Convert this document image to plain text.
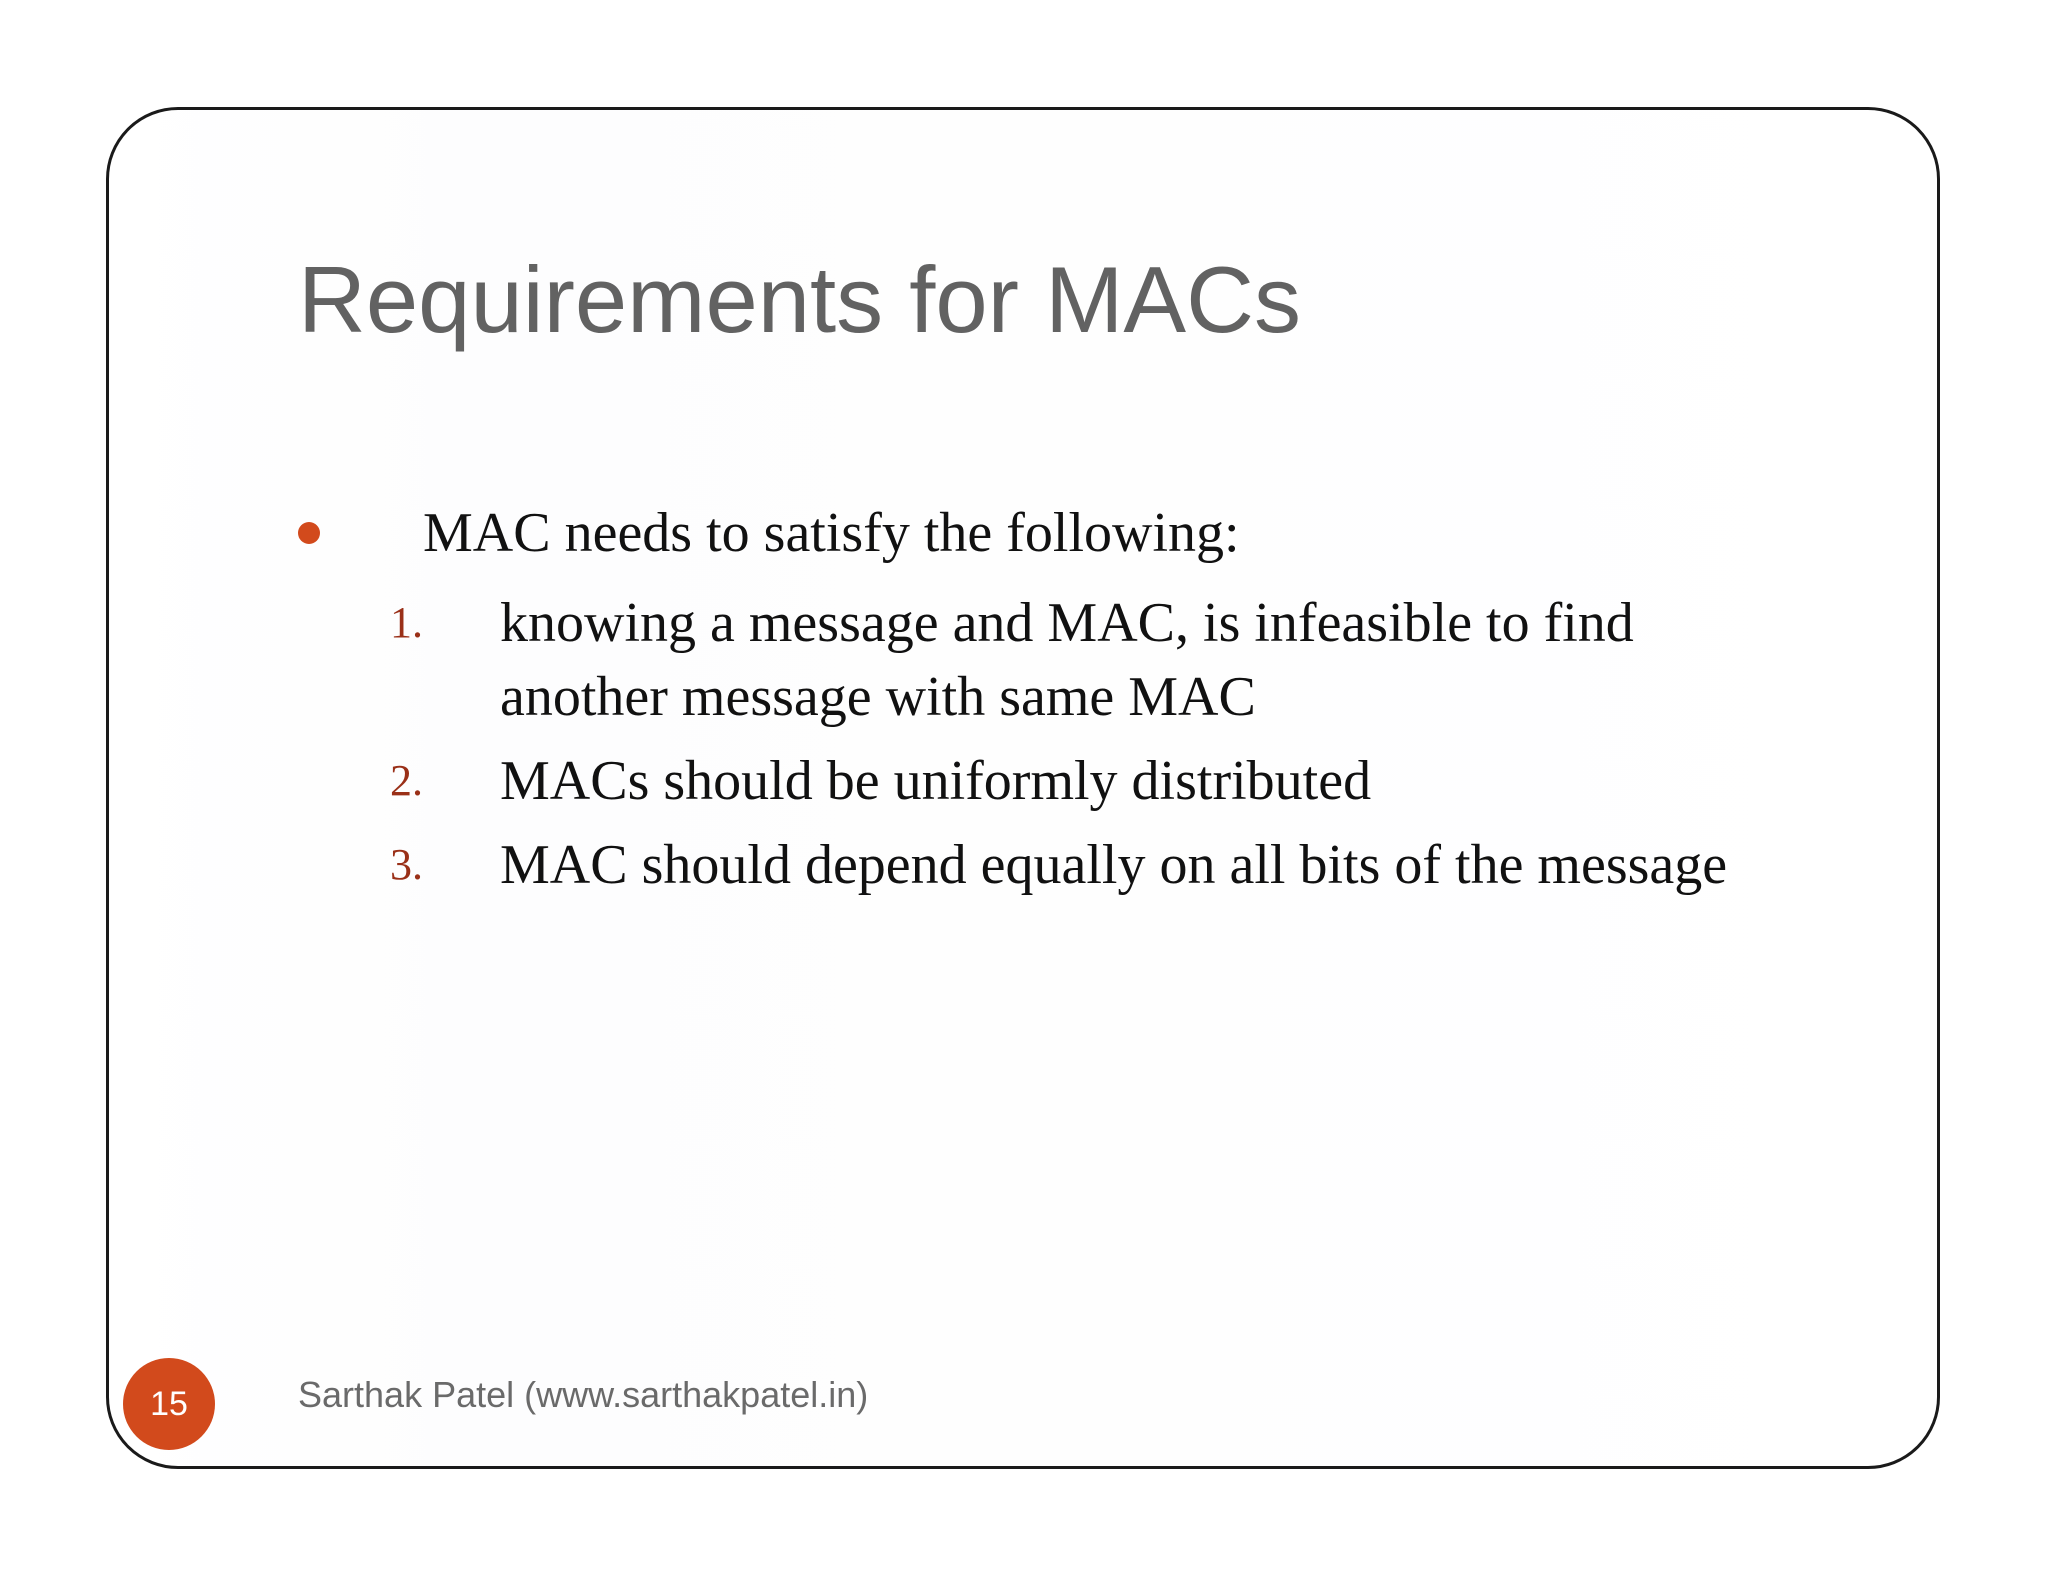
Requirements for MACs
MAC needs to satisfy the following:
1. knowing a message and MAC, is infeasible to find another message with same MAC
2. MACs should be uniformly distributed
3. MAC should depend equally on all bits of the message
15	Sarthak Patel (www.sarthakpatel.in)
